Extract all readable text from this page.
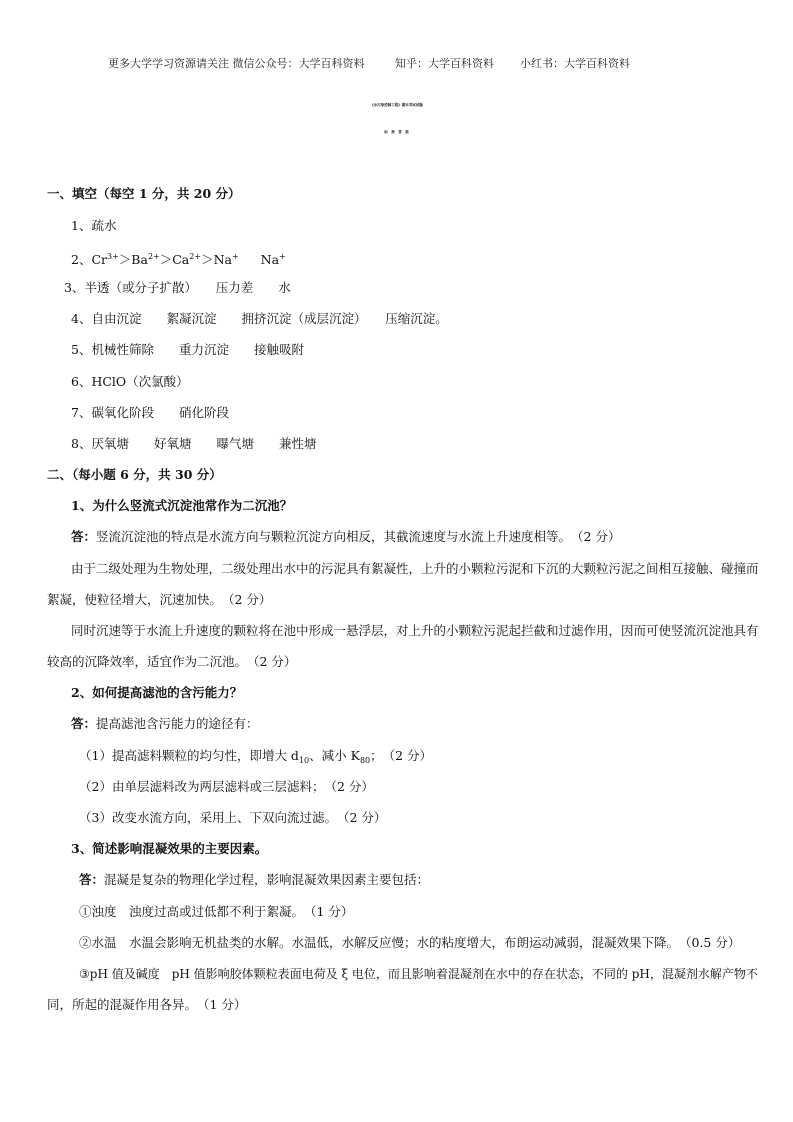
更多大学学习资源请关注 微信公众号：大学百科资料	知乎：大学百科资料 小红书：大学百科资料
《水污染控制工程》期末考试试题
标　准　答　案
一、填空（每空 1 分，共 20 分）
1、疏水
2、$Cr^{3+}>Ba^{2+}>Ca^{2+}>Na^+$ Na+
3、半透（或分子扩散）　　压力差　　水
4、自由沉淀　　絮凝沉淀　　拥挤沉淀（成层沉淀）　　压缩沉淀。
5、机械性筛除　　重力沉淀　　接触吸附
6、HClO（次氯酸）
7、碳氧化阶段　　硝化阶段
8、厌氧塘　　好氧塘　　曝气塘　　兼性塘
二、（每小题 6 分，共 30 分）
1、为什么竖流式沉淀池常作为二沉池？
答：竖流沉淀池的特点是水流方向与颗粒沉淀方向相反，其截流速度与水流上升速度相等。　（2 分）
由于二级处理为生物处理，二级处理出水中的污泥具有絮凝性，上升的小颗粒污泥和下沉的大颗粒污泥之间相互接触、碰撞而
絮凝，使粒径增大，沉速加快。　（2 分）
同时沉速等于水流上升速度的颗粒将在池中形成一悬浮层，对上升的小颗粒污泥起拦截和过滤作用，因而可使竖流沉淀池具有
较高的沉降效率，适宜作为二沉池。　（2 分）
2、如何提高滤池的含污能力？
答：提高滤池含污能力的途径有：
（1）提高滤料颗粒的均匀性，即增大 $d_{10}$、减小 $K_{80}$；　（2 分）
（2）由单层滤料改为两层滤料或三层滤料；　（2 分）
（3）改变水流方向，采用上、下双向流过滤。　（2 分）
3、简述影响混凝效果的主要因素。
答：混凝是复杂的物理化学过程，影响混凝效果因素主要包括：
①浊度　浊度过高或过低都不利于絮凝。　（1 分）
②水温　水温会影响无机盐类的水解。水温低，水解反应慢；水的粘度增大，布朗运动减弱，混凝效果下降。　（0.5 分）
③pH 值及碱度　pH 值影响胶体颗粒表面电荷及 ξ 电位，而且影响着混凝剂在水中的存在状态，不同的 pH，混凝剂水解产物不
同，所起的混凝作用各异。　（1 分）
